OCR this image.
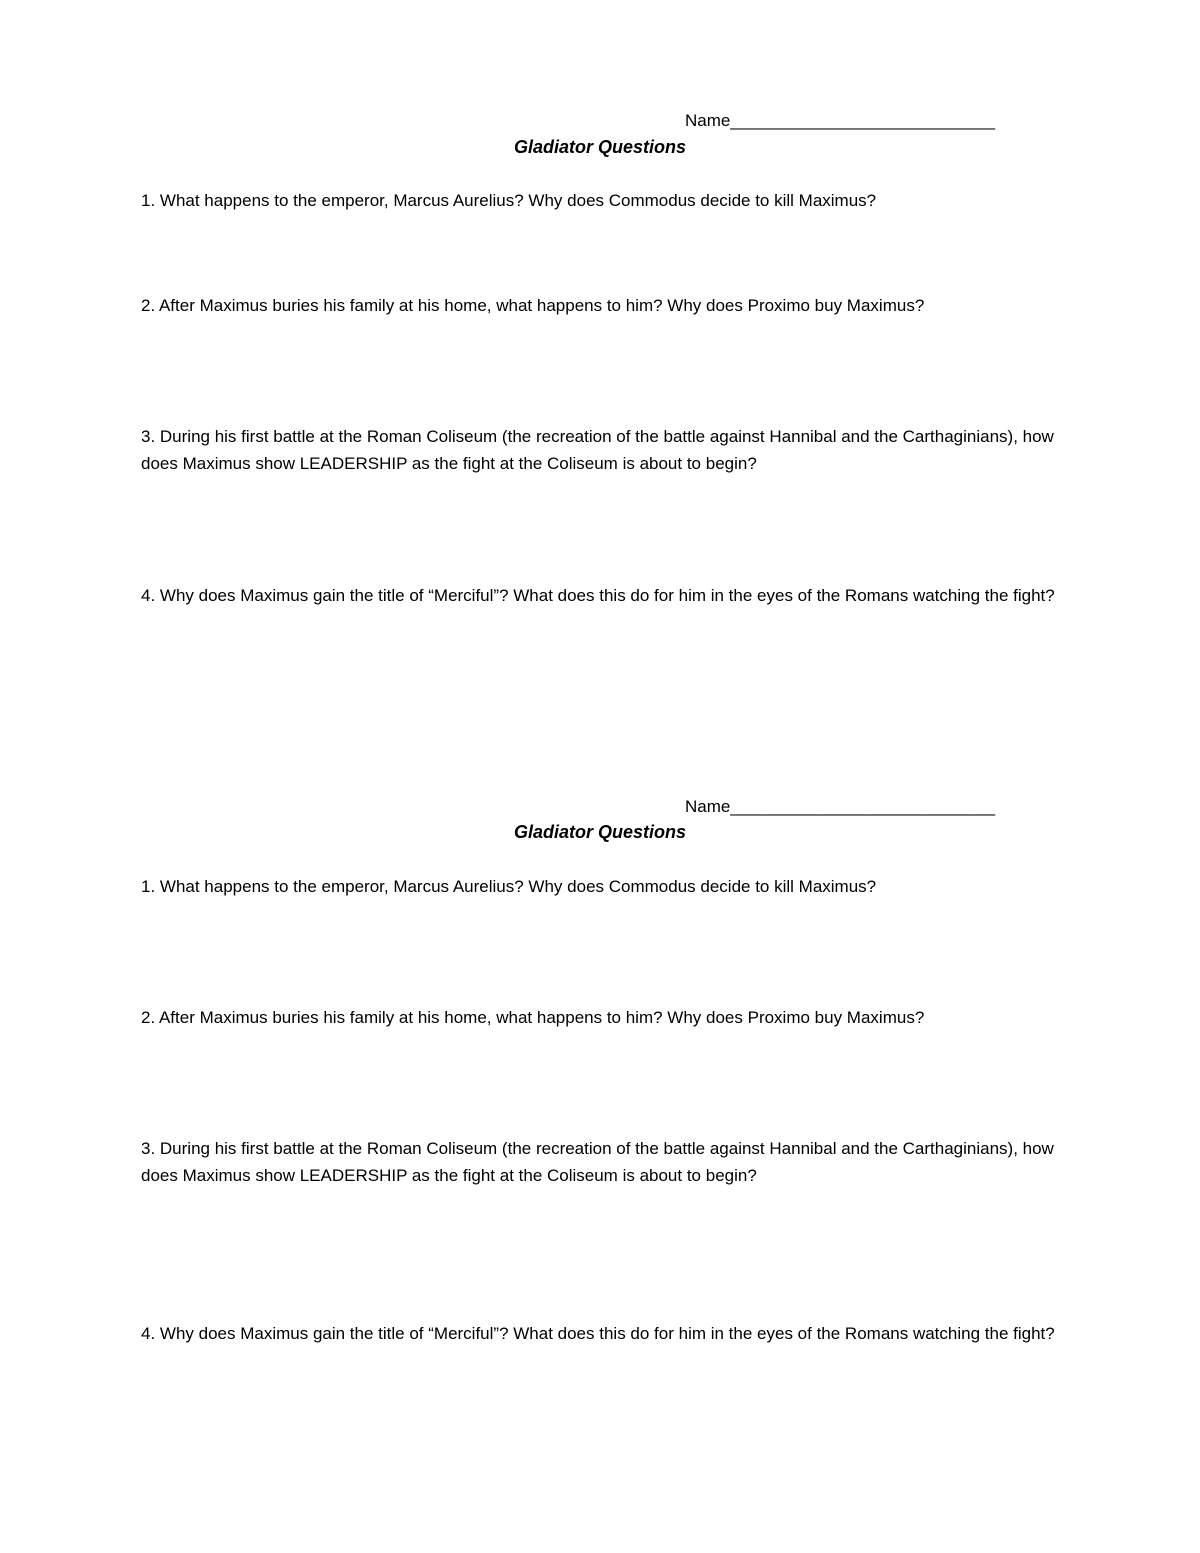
Name____________________________
Gladiator Questions
1. What happens to the emperor, Marcus Aurelius? Why does Commodus decide to kill Maximus?
2. After Maximus buries his family at his home, what happens to him? Why does Proximo buy Maximus?
3. During his first battle at the Roman Coliseum (the recreation of the battle against Hannibal and the Carthaginians), how does Maximus show LEADERSHIP as the fight at the Coliseum is about to begin?
4. Why does Maximus gain the title of “Merciful”? What does this do for him in the eyes of the Romans watching the fight?
Name____________________________
Gladiator Questions
1. What happens to the emperor, Marcus Aurelius? Why does Commodus decide to kill Maximus?
2. After Maximus buries his family at his home, what happens to him? Why does Proximo buy Maximus?
3. During his first battle at the Roman Coliseum (the recreation of the battle against Hannibal and the Carthaginians), how does Maximus show LEADERSHIP as the fight at the Coliseum is about to begin?
4. Why does Maximus gain the title of “Merciful”? What does this do for him in the eyes of the Romans watching the fight?
